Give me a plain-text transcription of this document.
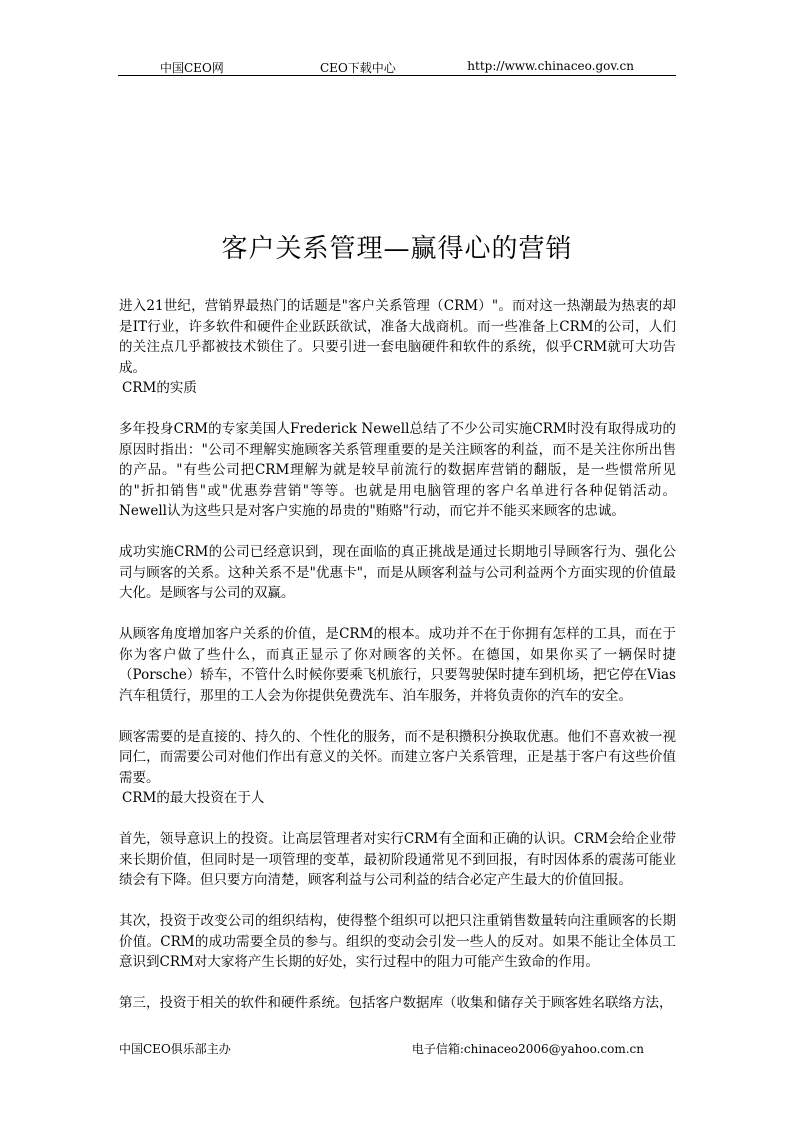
中国CEO网	CEO下载中心	http://www.chinaceo.gov.cn
客户关系管理—赢得心的营销

进入21世纪，营销界最热门的话题是"客户关系管理（CRM）"。而对这一热潮最为热衷的却是IT行业，许多软件和硬件企业跃跃欲试，准备大战商机。而一些准备上CRM的公司，人们的关注点几乎都被技术锁住了。只要引进一套电脑硬件和软件的系统，似乎CRM就可大功告成。

CRM的实质

多年投身CRM的专家美国人Frederick Newell总结了不少公司实施CRM时没有取得成功的原因时指出："公司不理解实施顾客关系管理重要的是关注顾客的利益，而不是关注你所出售的产品。"有些公司把CRM理解为就是较早前流行的数据库营销的翻版，是一些惯常所见的"折扣销售"或"优惠券营销"等等。也就是用电脑管理的客户名单进行各种促销活动。Newell认为这些只是对客户实施的昂贵的"贿赂"行动，而它并不能买来顾客的忠诚。

成功实施CRM的公司已经意识到，现在面临的真正挑战是通过长期地引导顾客行为、强化公司与顾客的关系。这种关系不是"优惠卡"，而是从顾客利益与公司利益两个方面实现的价值最大化。是顾客与公司的双赢。

从顾客角度增加客户关系的价值，是CRM的根本。成功并不在于你拥有怎样的工具，而在于你为客户做了些什么，而真正显示了你对顾客的关怀。在德国，如果你买了一辆保时捷（Porsche）轿车，不管什么时候你要乘飞机旅行，只要驾驶保时捷车到机场，把它停在Vias汽车租赁行，那里的工人会为你提供免费洗车、泊车服务，并将负责你的汽车的安全。

顾客需要的是直接的、持久的、个性化的服务，而不是积攒积分换取优惠。他们不喜欢被一视同仁，而需要公司对他们作出有意义的关怀。而建立客户关系管理，正是基于客户有这些价值需要。

CRM的最大投资在于人

首先，领导意识上的投资。让高层管理者对实行CRM有全面和正确的认识。CRM会给企业带来长期价值，但同时是一项管理的变革，最初阶段通常见不到回报，有时因体系的震荡可能业绩会有下降。但只要方向清楚，顾客利益与公司利益的结合必定产生最大的价值回报。

其次，投资于改变公司的组织结构，使得整个组织可以把只注重销售数量转向注重顾客的长期价值。CRM的成功需要全员的参与。组织的变动会引发一些人的反对。如果不能让全体员工意识到CRM对大家将产生长期的好处，实行过程中的阻力可能产生致命的作用。

第三，投资于相关的软件和硬件系统。包括客户数据库（收集和储存关于顾客姓名联络方法，

中国CEO俱乐部主办	电子信箱:chinaceo2006@yahoo.com.cn
